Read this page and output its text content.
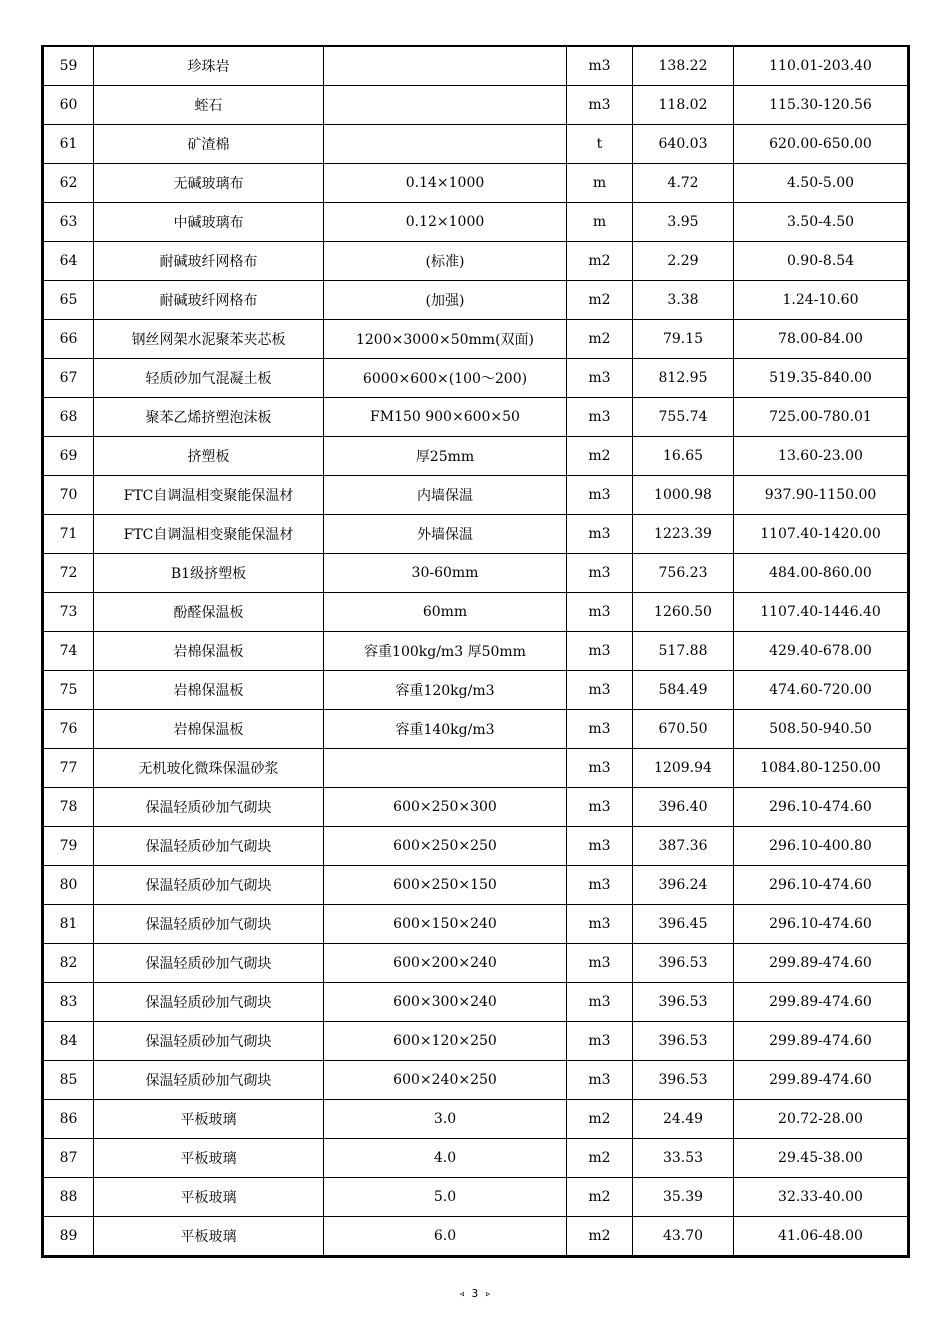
59	珍珠岩		m3	138.22	110.01-203.40
60	蛭石		m3	118.02	115.30-120.56
61	矿渣棉		t	640.03	620.00-650.00
62	无碱玻璃布	0.14×1000	m	4.72	4.50-5.00
63	中碱玻璃布	0.12×1000	m	3.95	3.50-4.50
64	耐碱玻纤网格布	(标准)	m2	2.29	0.90-8.54
65	耐碱玻纤网格布	(加强)	m2	3.38	1.24-10.60
66	钢丝网架水泥聚苯夹芯板	1200×3000×50mm(双面)	m2	79.15	78.00-84.00
67	轻质砂加气混凝土板	6000×600×(100～200)	m3	812.95	519.35-840.00
68	聚苯乙烯挤塑泡沫板	FM150 900×600×50	m3	755.74	725.00-780.01
69	挤塑板	厚25mm	m2	16.65	13.60-23.00
70	FTC自调温相变聚能保温材	内墙保温	m3	1000.98	937.90-1150.00
71	FTC自调温相变聚能保温材	外墙保温	m3	1223.39	1107.40-1420.00
72	B1级挤塑板	30-60mm	m3	756.23	484.00-860.00
73	酚醛保温板	60mm	m3	1260.50	1107.40-1446.40
74	岩棉保温板	容重100kg/m3 厚50mm	m3	517.88	429.40-678.00
75	岩棉保温板	容重120kg/m3	m3	584.49	474.60-720.00
76	岩棉保温板	容重140kg/m3	m3	670.50	508.50-940.50
77	无机玻化微珠保温砂浆		m3	1209.94	1084.80-1250.00
78	保温轻质砂加气砌块	600×250×300	m3	396.40	296.10-474.60
79	保温轻质砂加气砌块	600×250×250	m3	387.36	296.10-400.80
80	保温轻质砂加气砌块	600×250×150	m3	396.24	296.10-474.60
81	保温轻质砂加气砌块	600×150×240	m3	396.45	296.10-474.60
82	保温轻质砂加气砌块	600×200×240	m3	396.53	299.89-474.60
83	保温轻质砂加气砌块	600×300×240	m3	396.53	299.89-474.60
84	保温轻质砂加气砌块	600×120×250	m3	396.53	299.89-474.60
85	保温轻质砂加气砌块	600×240×250	m3	396.53	299.89-474.60
86	平板玻璃	3.0	m2	24.49	20.72-28.00
87	平板玻璃	4.0	m2	33.53	29.45-38.00
88	平板玻璃	5.0	m2	35.39	32.33-40.00
89	平板玻璃	6.0	m2	43.70	41.06-48.00
◃ 3 ▹
